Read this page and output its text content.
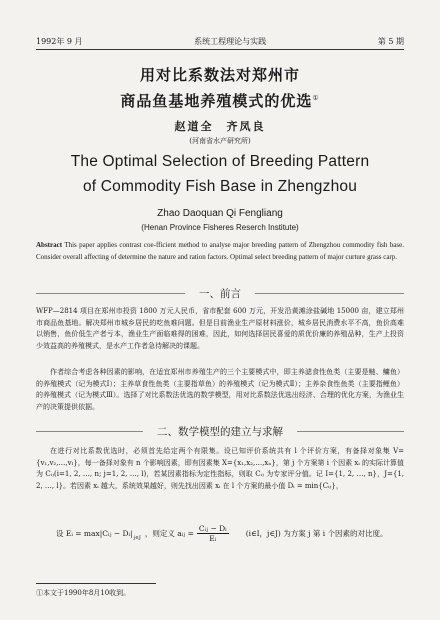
1992年 9 月	系统工程理论与实践	第 5 期
用对比系数法对郑州市
商品鱼基地养殖模式的优选①
赵道全　齐凤良
(河南省水产研究所)
The Optimal Selection of Breeding Pattern
of Commodity Fish Base in Zhengzhou
Zhao Daoquan Qi Fengliang
(Henan Province Fisheres Reserch Institute)
Abstract This paper applies contrast coe-fficient method to analyse major breeding pattern of Zhengzhou commodity fish base. Consider overall affecting of determine the nature and ration factors. Optimal select breeding pattern of major curture grass carp.
一、前言
WFP—2814 项目在郑州市投资 1800 万元人民币，省市配套 600 万元，开发沿黄滩涂盐碱地 15000 亩，建立郑州市商品鱼基地。解决郑州市城乡居民的吃鱼难问题。但是目前渔业生产原材料涨价，城乡居民消费水平不高，鱼价高难以销售，鱼价低生产者亏本，渔业生产面临难得的困难，因此，如何选择居民喜爱的质优价廉的养殖品种，生产上投资少效益高的养殖模式，是水产工作者急待解决的课题。
作者综合考虑各种因素的影响，在适宜郑州市养殖生产的三个主要模式中，即主养滤食性鱼类（主要是鲢、鳙鱼）的养殖模式（记为模式Ⅰ）；主养草食性鱼类（主要指草鱼）的养殖模式（记为模式Ⅱ）；主养杂食性鱼类（主要指鲤鱼）的养殖模式（记为模式Ⅲ）。选择了对比系数法优选的数学模型，用对比系数法优选出经济、合理的优化方案，为渔业生产的决策提供依据。
二、数学模型的建立与求解
在进行对比系数优选时，必须首先给定两个有限集。设已知评价系统共有 l 个评价方案，有备择对象集 V={v₁,v₂,…,vₗ}，每一备择对象有 n 个影响因素，即有因素集 X={x₁,x₂,…,xₙ}，第 j 个方案第 i 个因素 xᵢ 的实际计算值为 Cᵢⱼ(i=1, 2, …, n; j=1, 2, …, l)，若某因素指标为定性指标，则取 Cᵢⱼ 为专家评分值。记 I={1, 2, …, n}，J={1, 2, …, l}。若因素 xᵢ 越大，系统效果越好，则先找出因素 xᵢ 在 l 个方案的最小值 Dᵢ = min{Cᵢⱼ}，
设 Eᵢ = max|Cᵢⱼ − Dᵢ|
j∈J
，则定义 aᵢⱼ = $\frac{\text{Cᵢⱼ − Dᵢ}}{\text{Eᵢ}}$ (i∈I，j∈J) 为方案 j 第 i 个因素的对比度。
①本文于1990年8月10收到。
